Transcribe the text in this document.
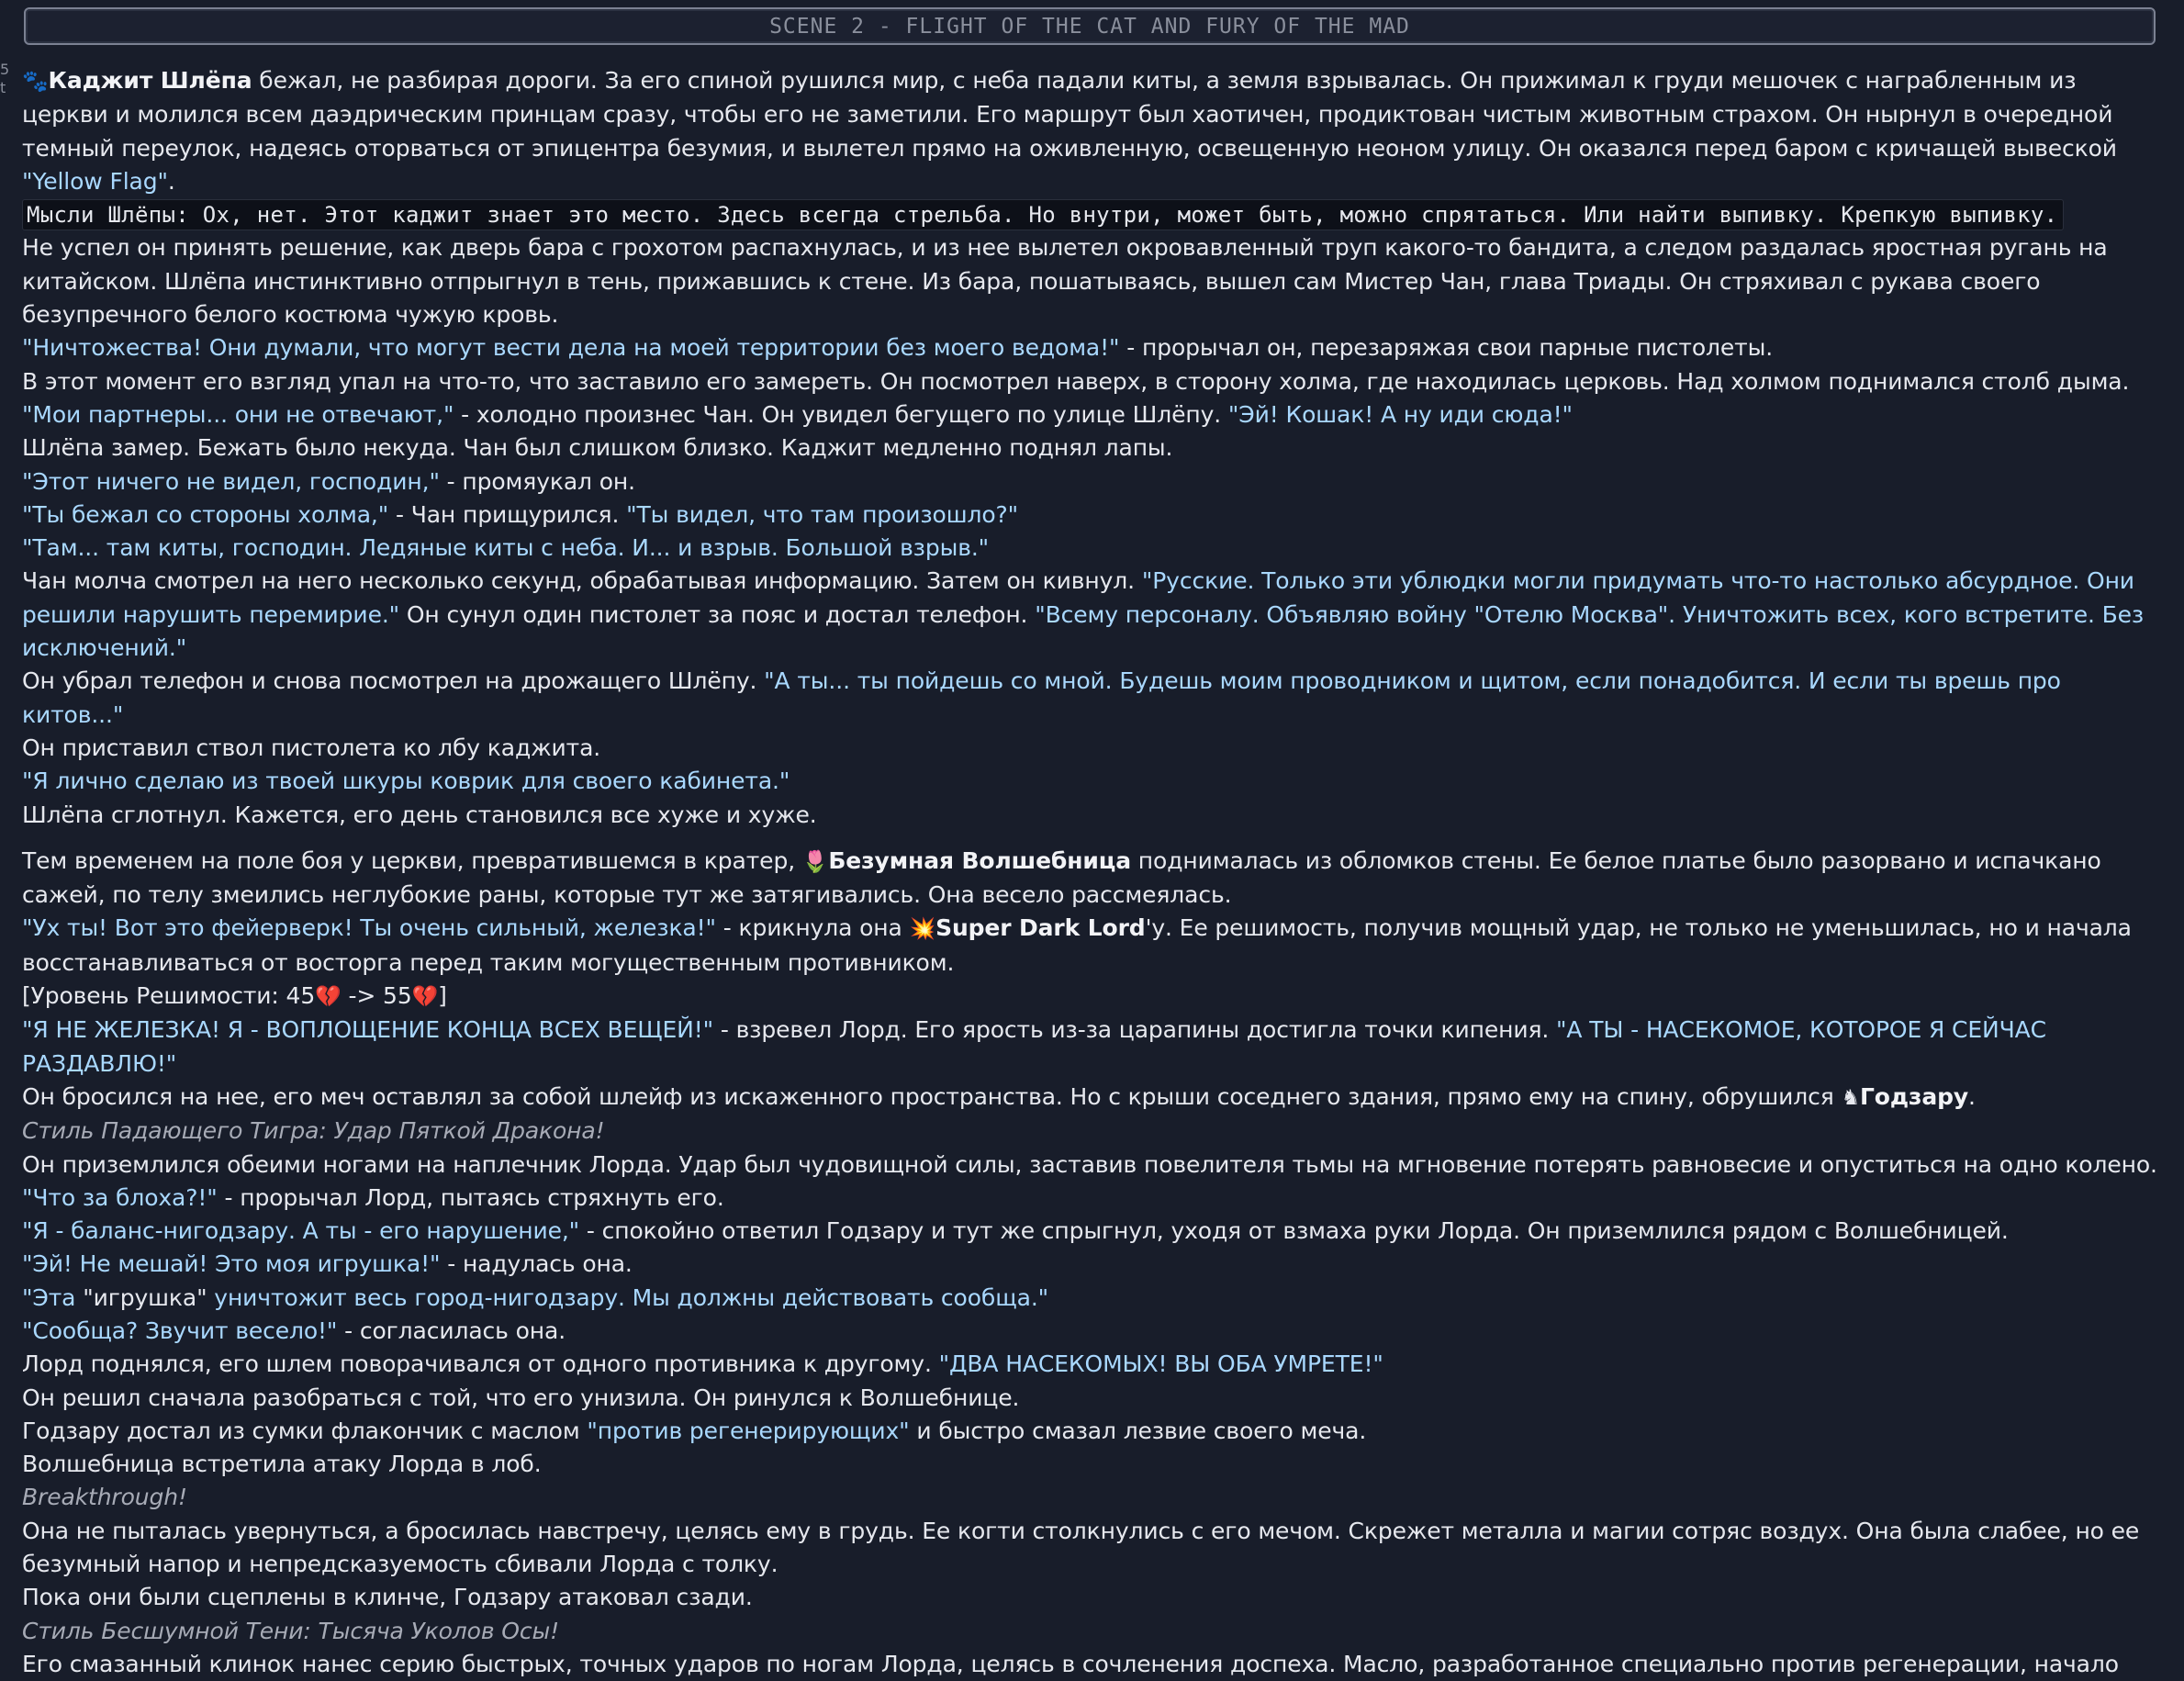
SCENE 2 - FLIGHT OF THE CAT AND FURY OF THE MAD
5
t 🐾Каджит Шлёпа бежал, не разбирая дороги. За его спиной рушился мир, с неба падали киты, а земля взрывалась. Он прижимал к груди мешочек с награбленным из церкви и молился всем даэдрическим принцам сразу, чтобы его не заметили. Его маршрут был хаотичен, продиктован чистым животным страхом. Он нырнул в очередной темный переулок, надеясь оторваться от эпицентра безумия, и вылетел прямо на оживленную, освещенную неоном улицу. Он оказался перед баром с кричащей вывеской "Yellow Flag".

Мысли Шлёпы: Ох, нет. Этот каджит знает это место. Здесь всегда стрельба. Но внутри, может быть, можно спрятаться. Или найти выпивку. Крепкую выпивку.

Не успел он принять решение, как дверь бара с грохотом распахнулась, и из нее вылетел окровавленный труп какого-то бандита, а следом раздалась яростная ругань на китайском. Шлёпа инстинктивно отпрыгнул в тень, прижавшись к стене. Из бара, пошатываясь, вышел сам Мистер Чан, глава Триады. Он стряхивал с рукава своего безупречного белого костюма чужую кровь.

"Ничтожества! Они думали, что могут вести дела на моей территории без моего ведома!" - прорычал он, перезаряжая свои парные пистолеты.

В этот момент его взгляд упал на что-то, что заставило его замереть. Он посмотрел наверх, в сторону холма, где находилась церковь. Над холмом поднимался столб дыма.

"Мои партнеры... они не отвечают," - холодно произнес Чан. Он увидел бегущего по улице Шлёпу. "Эй! Кошак! А ну иди сюда!"

Шлёпа замер. Бежать было некуда. Чан был слишком близко. Каджит медленно поднял лапы.

"Этот ничего не видел, господин," - промяукал он.

"Ты бежал со стороны холма," - Чан прищурился. "Ты видел, что там произошло?"

"Там... там киты, господин. Ледяные киты с неба. И... и взрыв. Большой взрыв."

Чан молча смотрел на него несколько секунд, обрабатывая информацию. Затем он кивнул. "Русские. Только эти ублюдки могли придумать что-то настолько абсурдное. Они решили нарушить перемирие." Он сунул один пистолет за пояс и достал телефон. "Всему персоналу. Объявляю войну "Отелю Москва". Уничтожить всех, кого встретите. Без исключений."

Он убрал телефон и снова посмотрел на дрожащего Шлёпу. "А ты... ты пойдешь со мной. Будешь моим проводником и щитом, если понадобится. И если ты врешь про китов..."

Он приставил ствол пистолета ко лбу каджита.

"Я лично сделаю из твоей шкуры коврик для своего кабинета."

Шлёпа сглотнул. Кажется, его день становился все хуже и хуже.

Тем временем на поле боя у церкви, превратившемся в кратер, 🌷Безумная Волшебница поднималась из обломков стены. Ее белое платье было разорвано и испачкано сажей, по телу змеились неглубокие раны, которые тут же затягивались. Она весело рассмеялась.

"Ух ты! Вот это фейерверк! Ты очень сильный, железка!" - крикнула она 💥Super Dark Lord'у. Ее решимость, получив мощный удар, не только не уменьшилась, но и начала восстанавливаться от восторга перед таким могущественным противником.

[Уровень Решимости: 45💔 -> 55💔]

"Я НЕ ЖЕЛЕЗКА! Я - ВОПЛОЩЕНИЕ КОНЦА ВСЕХ ВЕЩЕЙ!" - взревел Лорд. Его ярость из-за царапины достигла точки кипения. "А ТЫ - НАСЕКОМОЕ, КОТОРОЕ Я СЕЙЧАС РАЗДАВЛЮ!"

Он бросился на нее, его меч оставлял за собой шлейф из искаженного пространства. Но с крыши соседнего здания, прямо ему на спину, обрушился ♞Годзару.

Стиль Падающего Тигра: Удар Пяткой Дракона!

Он приземлился обеими ногами на наплечник Лорда. Удар был чудовищной силы, заставив повелителя тьмы на мгновение потерять равновесие и опуститься на одно колено.

"Что за блоха?!" - прорычал Лорд, пытаясь стряхнуть его.

"Я - баланс-нигодзару. А ты - его нарушение," - спокойно ответил Годзару и тут же спрыгнул, уходя от взмаха руки Лорда. Он приземлился рядом с Волшебницей.

"Эй! Не мешай! Это моя игрушка!" - надулась она.

"Эта "игрушка" уничтожит весь город-нигодзару. Мы должны действовать сообща."

"Сообща? Звучит весело!" - согласилась она.

Лорд поднялся, его шлем поворачивался от одного противника к другому. "ДВА НАСЕКОМЫХ! ВЫ ОБА УМРЕТЕ!"

Он решил сначала разобраться с той, что его унизила. Он ринулся к Волшебнице.

Годзару достал из сумки флакончик с маслом "против регенерирующих" и быстро смазал лезвие своего меча.

Волшебница встретила атаку Лорда в лоб.

Breakthrough!

Она не пыталась увернуться, а бросилась навстречу, целясь ему в грудь. Ее когти столкнулись с его мечом. Скрежет металла и магии сотряс воздух. Она была слабее, но ее безумный напор и непредсказуемость сбивали Лорда с толку.

Пока они были сцеплены в клинче, Годзару атаковал сзади.

Стиль Бесшумной Тени: Тысяча Уколов Осы!

Его смазанный клинок нанес серию быстрых, точных ударов по ногам Лорда, целясь в сочленения доспеха. Масло, разработанное специально против регенерации, начало
